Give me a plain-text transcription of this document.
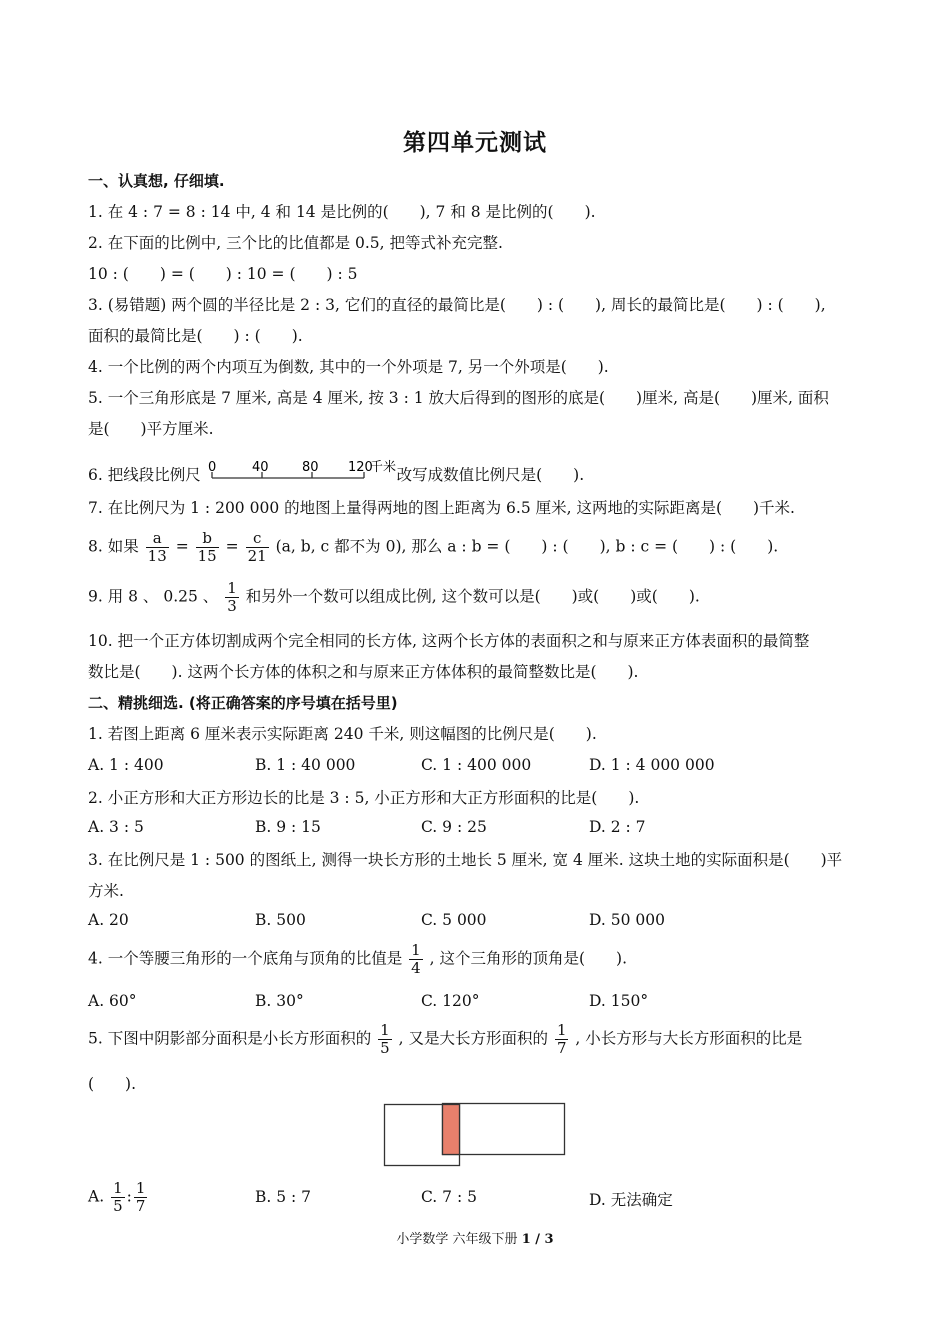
第四单元测试
一、认真想, 仔细填.
1. 在 4 : 7 = 8 : 14 中, 4 和 14 是比例的(　　), 7 和 8 是比例的(　　).
2. 在下面的比例中, 三个比的比值都是 0.5, 把等式补充完整.
10 : (　　) = (　　) : 10 = (　　) : 5
3. (易错题) 两个圆的半径比是 2 : 3, 它们的直径的最简比是(　　) : (　　), 周长的最简比是(　　) : (　　),
面积的最简比是(　　) : (　　).
4. 一个比例的两个内项互为倒数, 其中的一个外项是 7, 另一个外项是(　　).
5. 一个三角形底是 7 厘米, 高是 4 厘米, 按 3 : 1 放大后得到的图形的底是(　　)厘米, 高是(　　)厘米, 面积
是(　　)平方厘米.
6. 把线段比例尺 0	40	80 120
千米 改写成数值比例尺是(　　).
7. 在比例尺为 1 : 200 000 的地图上量得两地的图上距离为 6.5 厘米, 这两地的实际距离是(　　)千米.
8. 如果 $\frac{a}{13} = \frac{b}{15} = \frac{c}{21} (a$, b, c 都不为 0), 那么 a : b = (　　) : (　　), b : c = (　　) : (　　).
9. 用 8 、 0.25 、 $\frac{1}{3}$ 和另外一个数可以组成比例, 这个数可以是(　　)或(　　)或(　　).
10. 把一个正方体切割成两个完全相同的长方体, 这两个长方体的表面积之和与原来正方体表面积的最简整
数比是(　　). 这两个长方体的体积之和与原来正方体体积的最简整数比是(　　).
二、精挑细选. (将正确答案的序号填在括号里)
1. 若图上距离 6 厘米表示实际距离 240 千米, 则这幅图的比例尺是(　　).
A. 1 : 400	B. 1 : 40 000	C. 1 : 400 000	D. 1 : 4 000 000
2. 小正方形和大正方形边长的比是 3 : 5, 小正方形和大正方形面积的比是(　　).
A. 3 : 5	B. 9 : 15	C. 9 : 25	D. 2 : 7
3. 在比例尺是 1 : 500 的图纸上, 测得一块长方形的土地长 5 厘米, 宽 4 厘米. 这块土地的实际面积是(　　)平
方米.
A. 20	B. 500	C. 5 000	D. 50 000
4. 一个等腰三角形的一个底角与顶角的比值是 $\frac{1}{4}$ , 这个三角形的顶角是(　　).
A. 60°	B. 30°	C. 120°	D. 150°
5. 下图中阴影部分面积是小长方形面积的 $\frac{1}{5}$ , 又是大长方形面积的 $\frac{1}{7}$ , 小长方形与大长方形面积的比是
(　　).
A. $\frac{1}{5}$ : $\frac{1}{7}$	B. 5 : 7	C. 7 : 5	D. 无法确定
小学数学 六年级下册 1 / 3
